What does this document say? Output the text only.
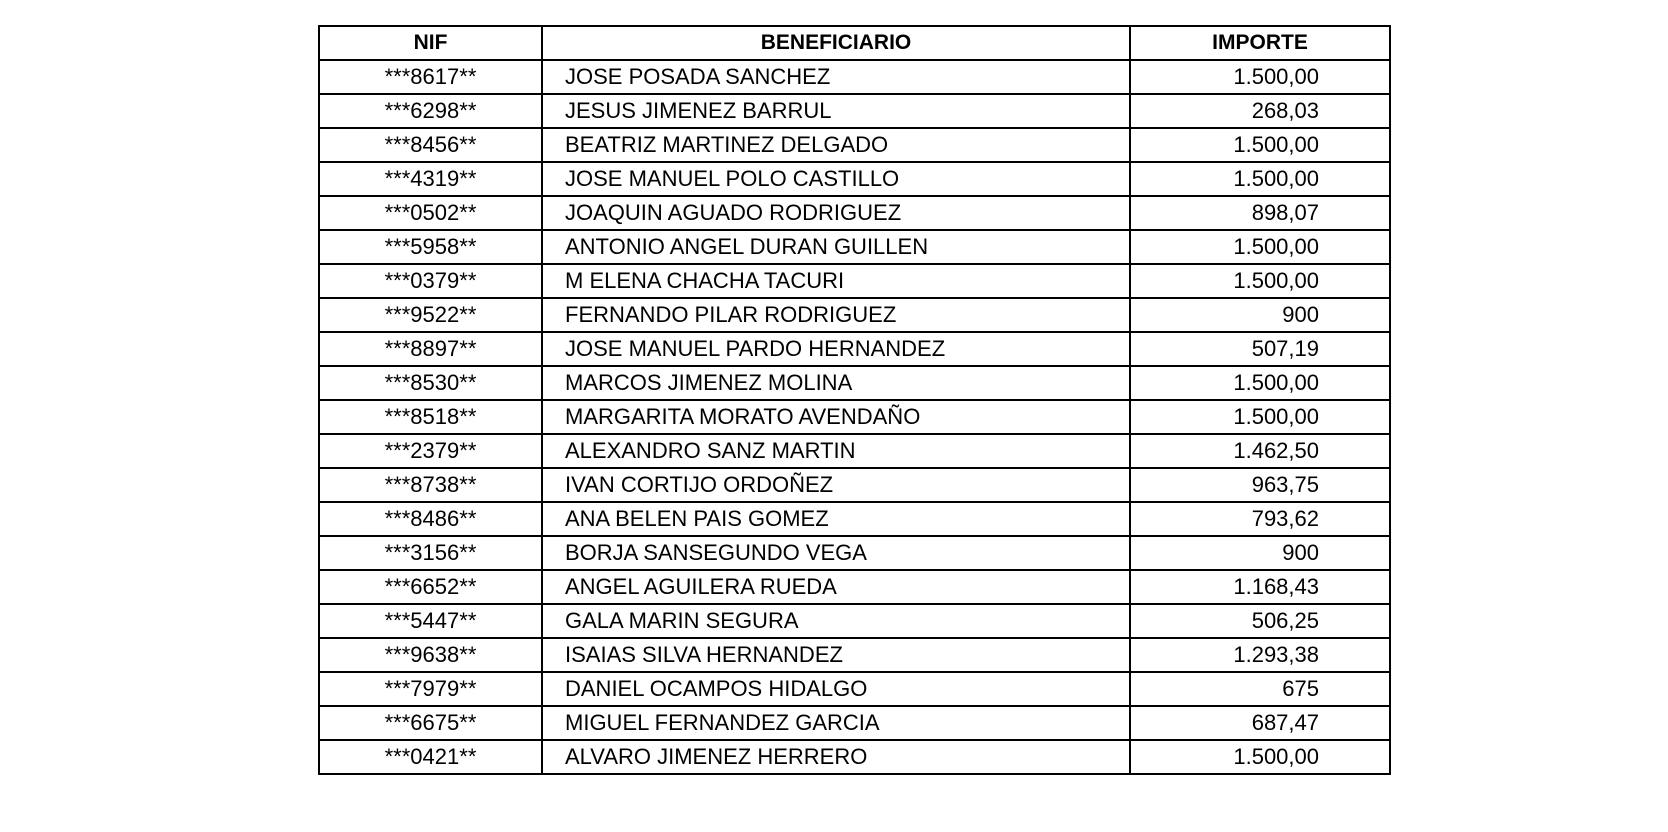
NIF	BENEFICIARIO	IMPORTE
***8617**	JOSE POSADA SANCHEZ	1.500,00
***6298**	JESUS JIMENEZ BARRUL	268,03
***8456**	BEATRIZ MARTINEZ DELGADO	1.500,00
***4319**	JOSE MANUEL POLO CASTILLO	1.500,00
***0502**	JOAQUIN AGUADO RODRIGUEZ	898,07
***5958**	ANTONIO ANGEL DURAN GUILLEN	1.500,00
***0379**	M ELENA CHACHA TACURI	1.500,00
***9522**	FERNANDO PILAR RODRIGUEZ	900
***8897**	JOSE MANUEL PARDO HERNANDEZ	507,19
***8530**	MARCOS JIMENEZ MOLINA	1.500,00
***8518**	MARGARITA MORATO AVENDAÑO	1.500,00
***2379**	ALEXANDRO SANZ MARTIN	1.462,50
***8738**	IVAN CORTIJO ORDOÑEZ	963,75
***8486**	ANA BELEN PAIS GOMEZ	793,62
***3156**	BORJA SANSEGUNDO VEGA	900
***6652**	ANGEL AGUILERA RUEDA	1.168,43
***5447**	GALA MARIN SEGURA	506,25
***9638**	ISAIAS SILVA HERNANDEZ	1.293,38
***7979**	DANIEL OCAMPOS HIDALGO	675
***6675**	MIGUEL FERNANDEZ GARCIA	687,47
***0421**	ALVARO JIMENEZ HERRERO	1.500,00
